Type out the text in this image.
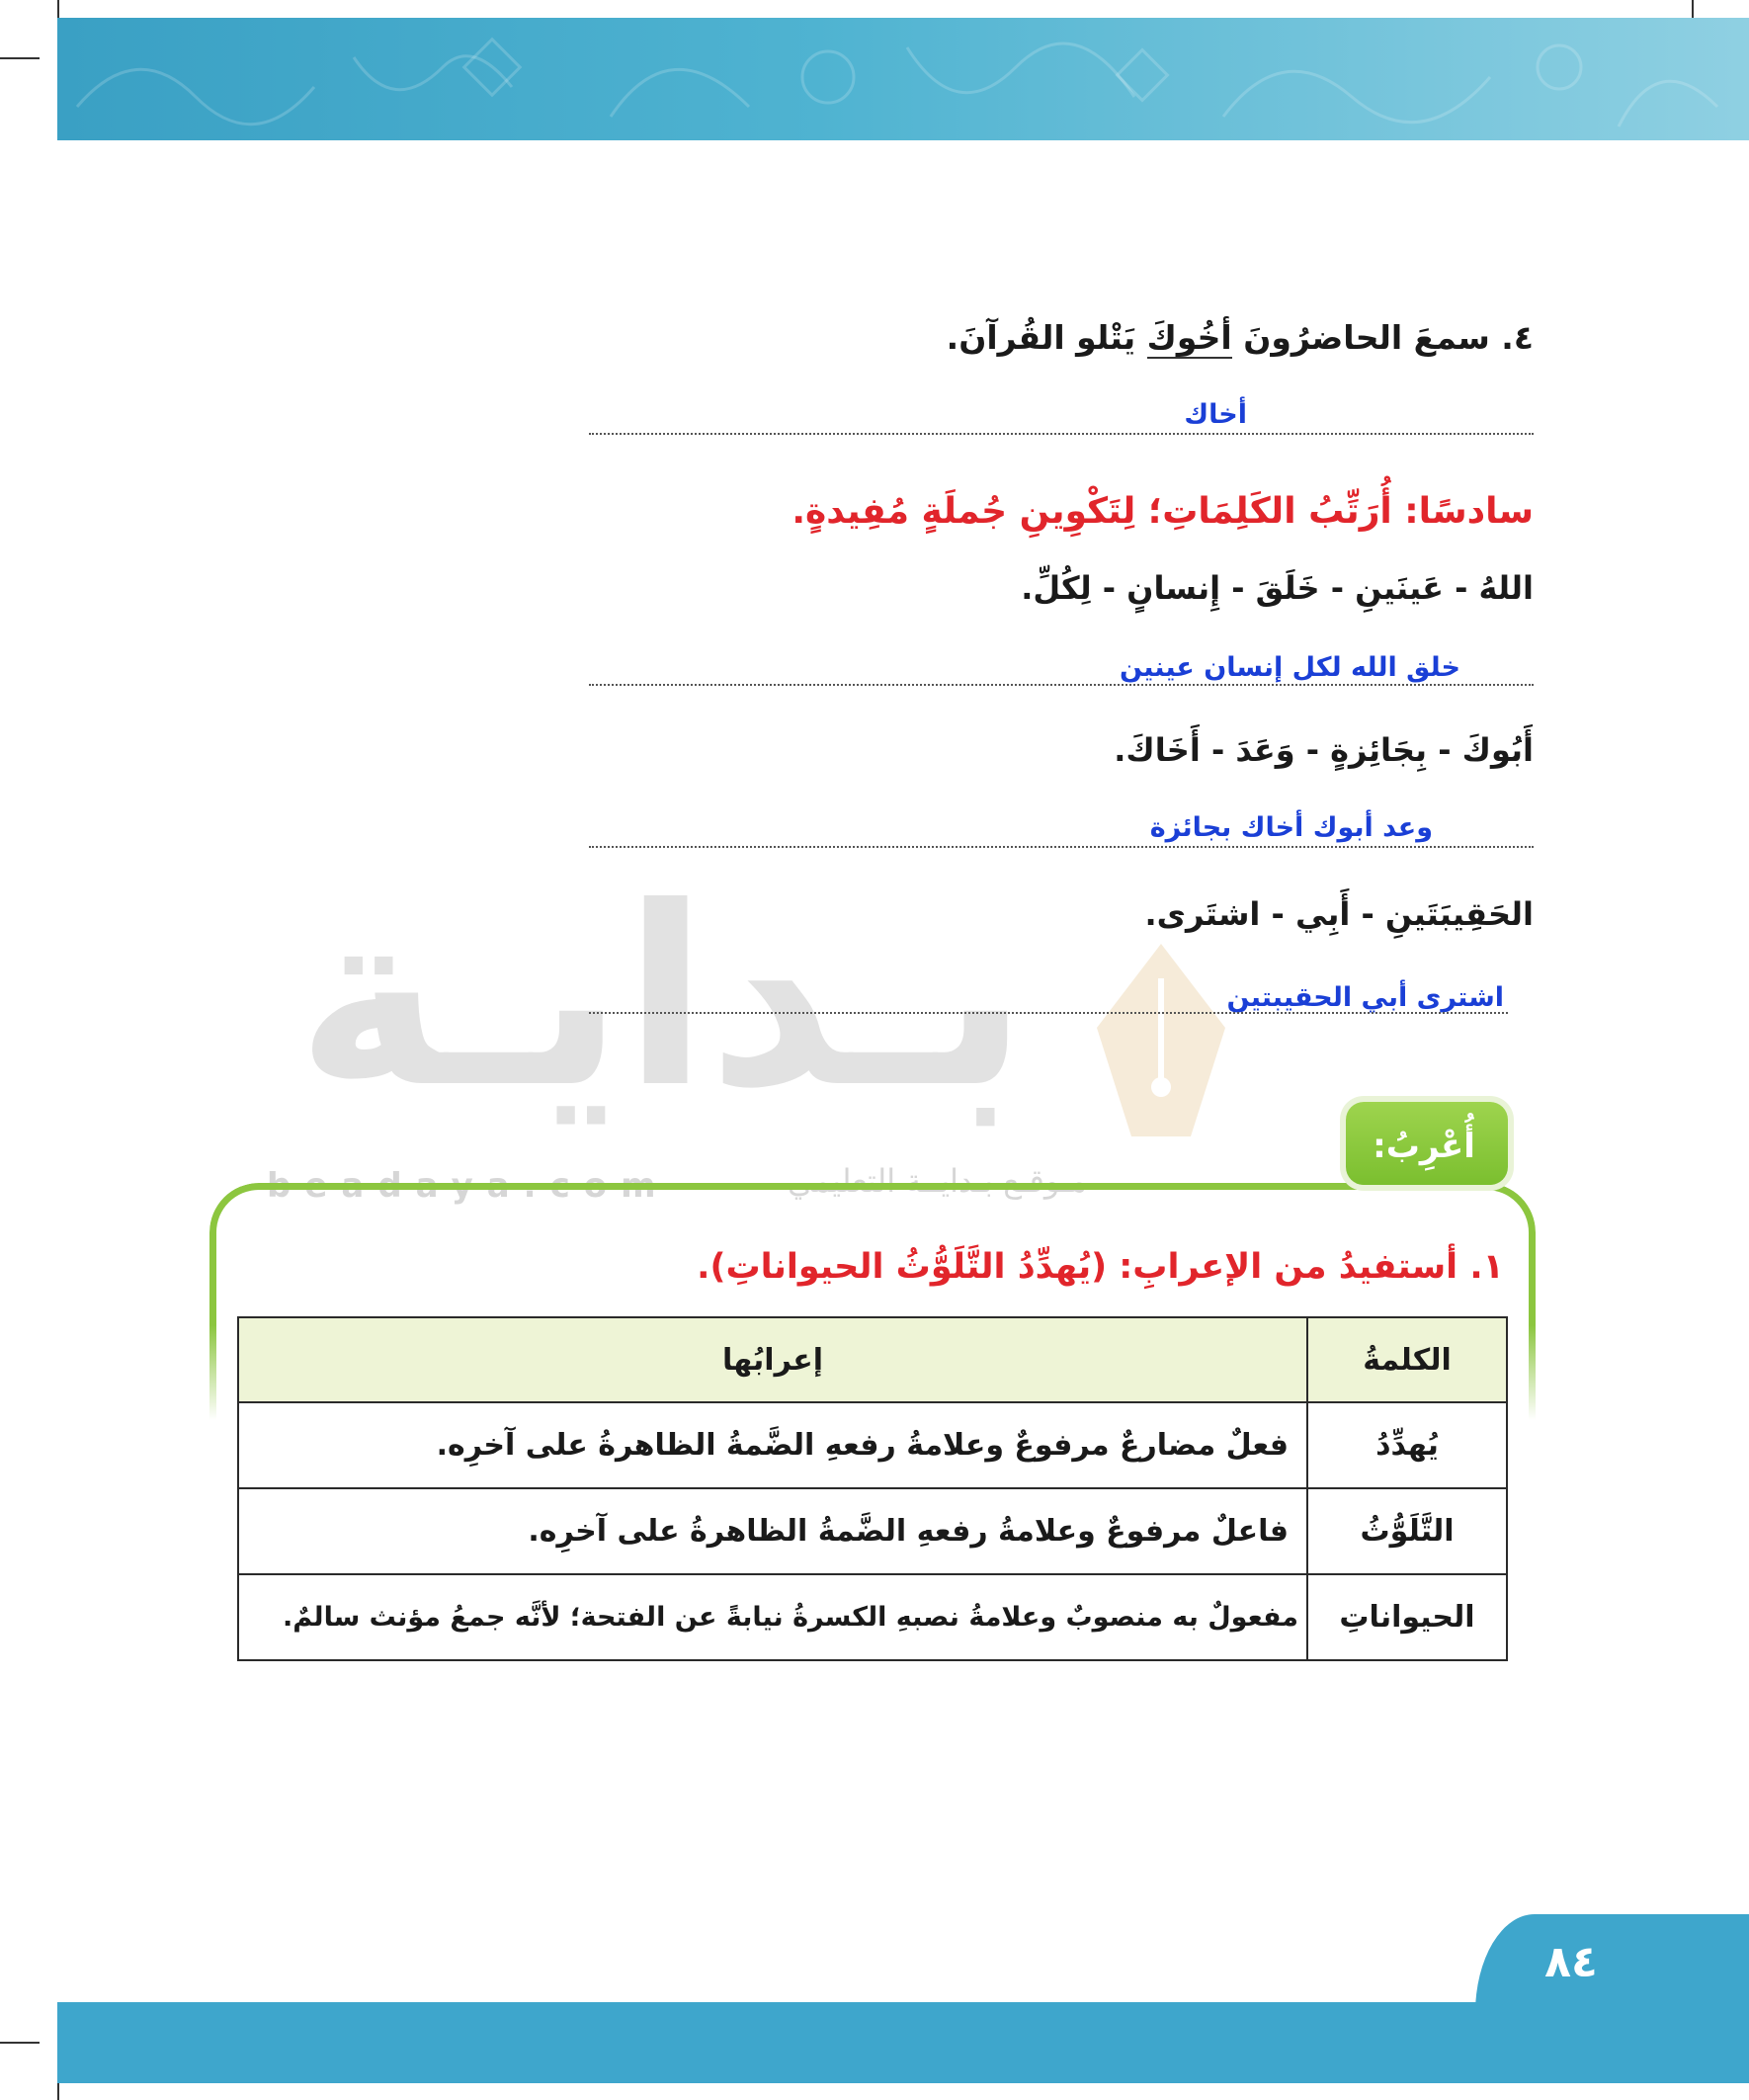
بـدايـة
beadaya.com	مـوقـع بـدايــة التعليمي
٤. سمعَ الحاضرُونَ أخُوكَ يَتْلو القُرآنَ.
أخاك
سادسًا: أُرَتِّبُ الكَلِمَاتِ؛ لِتَكْوِينِ جُملَةٍ مُفِيدةٍ.
اللهُ - عَينَينِ - خَلَقَ - إِنسانٍ - لِكُلِّ.
خلق الله لكل إنسان عينين
أَبُوكَ - بِجَائِزةٍ - وَعَدَ - أَخَاكَ.
وعد أبوك أخاك بجائزة
الحَقِيبَتَينِ - أَبِي - اشتَرى.
اشترى أبي الحقيبتين
أُعْرِبُ:
١. أستفيدُ من الإعرابِ: (يُهدِّدُ التَّلَوُّثُ الحيواناتِ).
الكلمةُ	إعرابُها
يُهدِّدُ	فعلٌ مضارعٌ مرفوعٌ وعلامةُ رفعهِ الضَّمةُ الظاهرةُ على آخرِه.
التَّلَوُّثُ	فاعلٌ مرفوعٌ وعلامةُ رفعهِ الضَّمةُ الظاهرةُ على آخرِه.
الحيواناتِ	مفعولٌ به منصوبٌ وعلامةُ نصبهِ الكسرةُ نيابةً عن الفتحة؛ لأنَّه جمعُ مؤنث سالمٌ.
٨٤
